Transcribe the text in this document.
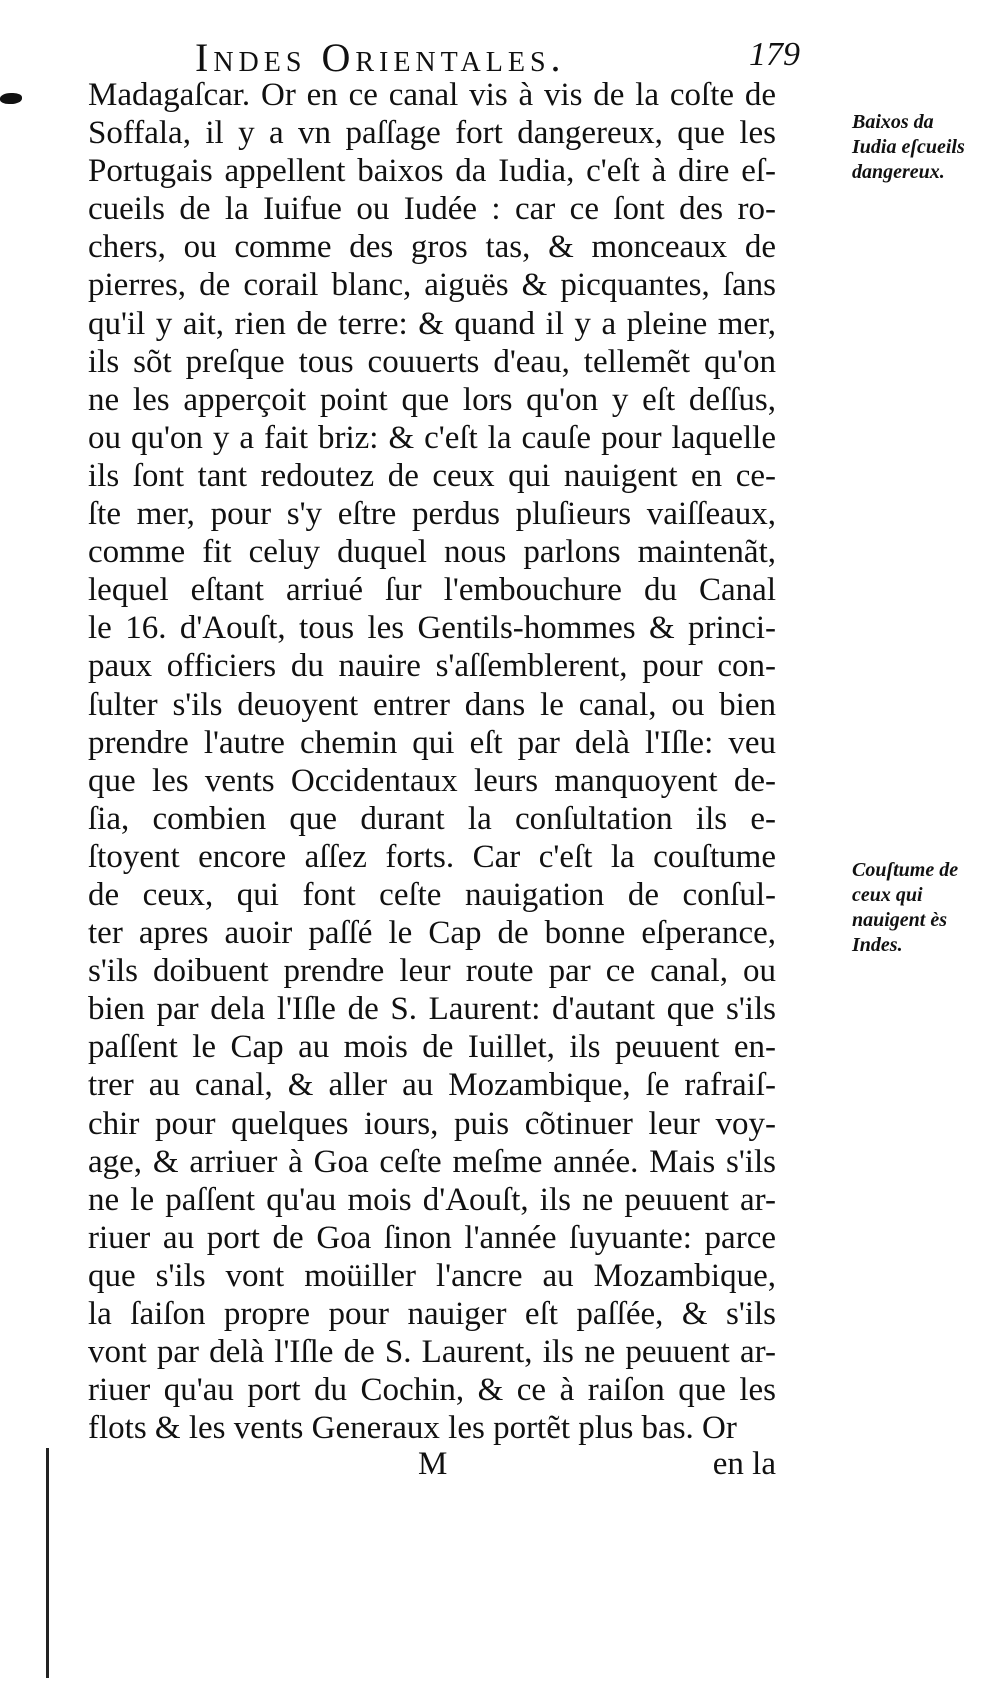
Indes Orientales.	179
Madagaſcar. Or en ce canal vis à vis de la coſte de
Soffala, il y a vn paſſage fort dangereux, que les
Portugais appellent baixos da Iudia, c'eſt à dire eſ-
cueils de la Iuifue ou Iudée : car ce ſont des ro-
chers, ou comme des gros tas, & monceaux de
pierres, de corail blanc, aiguës & picquantes, ſans
qu'il y ait, rien de terre: & quand il y a pleine mer,
ils sõt preſque tous couuerts d'eau, tellemẽt qu'on
ne les apperçoit point que lors qu'on y eſt deſſus,
ou qu'on y a fait briz: & c'eſt la cauſe pour laquelle
ils ſont tant redoutez de ceux qui nauigent en ce-
ſte mer, pour s'y eſtre perdus pluſieurs vaiſſeaux,
comme fit celuy duquel nous parlons maintenãt,
lequel eſtant arriué ſur l'embouchure du Canal
le 16. d'Aouſt, tous les Gentils-hommes & princi-
paux officiers du nauire s'aſſemblerent, pour con-
ſulter s'ils deuoyent entrer dans le canal, ou bien
prendre l'autre chemin qui eſt par delà l'Iſle: veu
que les vents Occidentaux leurs manquoyent de-
ſia, combien que durant la conſultation ils e-
ſtoyent encore aſſez forts. Car c'eſt la couſtume
de ceux, qui font ceſte nauigation de conſul-
ter apres auoir paſſé le Cap de bonne eſperance,
s'ils doibuent prendre leur route par ce canal, ou
bien par dela l'Iſle de S. Laurent: d'autant que s'ils
paſſent le Cap au mois de Iuillet, ils peuuent en-
trer au canal, & aller au Mozambique, ſe rafraiſ-
chir pour quelques iours, puis cõtinuer leur voy-
age, & arriuer à Goa ceſte meſme année. Mais s'ils
ne le paſſent qu'au mois d'Aouſt, ils ne peuuent ar-
riuer au port de Goa ſinon l'année ſuyuante: parce
que s'ils vont moüiller l'ancre au Mozambique,
la ſaiſon propre pour nauiger eſt paſſée, & s'ils
vont par delà l'Iſle de S. Laurent, ils ne peuuent ar-
riuer qu'au port du Cochin, & ce à raiſon que les
flots & les vents Generaux les portẽt plus bas. Or
Baixos da Iudia eſcueils dangereux.
Couſtume de ceux qui nauigent ès Indes.
M	en la
